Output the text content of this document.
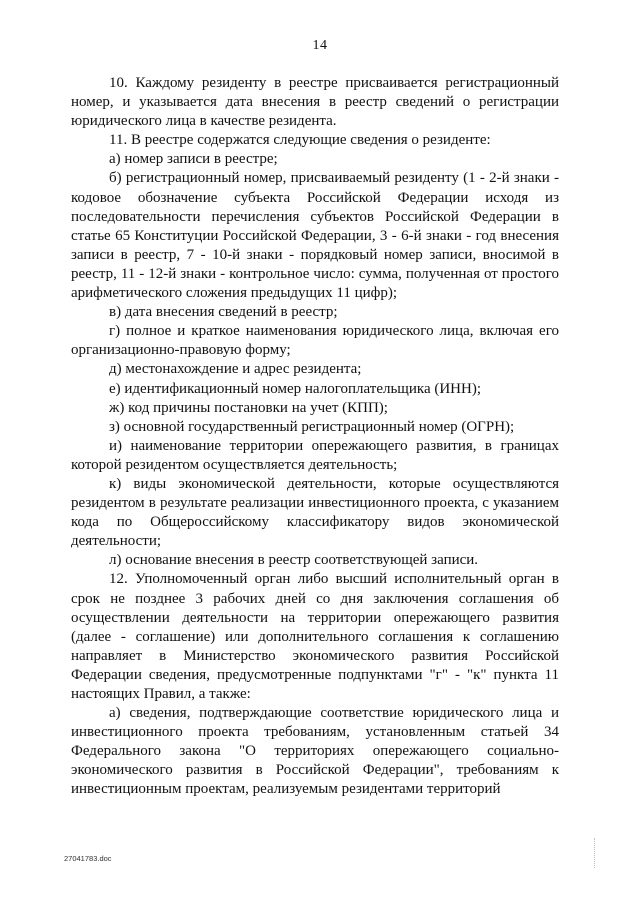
14

10. Каждому резиденту в реестре присваивается регистрационный номер, и указывается дата внесения в реестр сведений о регистрации юридического лица в качестве резидента.

11. В реестре содержатся следующие сведения о резиденте:

а) номер записи в реестре;

б) регистрационный номер, присваиваемый резиденту (1 - 2-й знаки - кодовое обозначение субъекта Российской Федерации исходя из последовательности перечисления субъектов Российской Федерации в статье 65 Конституции Российской Федерации, 3 - 6-й знаки - год внесения записи в реестр, 7 - 10-й знаки - порядковый номер записи, вносимой в реестр, 11 - 12-й знаки - контрольное число: сумма, полученная от простого арифметического сложения предыдущих 11 цифр);

в) дата внесения сведений в реестр;

г) полное и краткое наименования юридического лица, включая его организационно-правовую форму;

д) местонахождение и адрес резидента;

е) идентификационный номер налогоплательщика (ИНН);

ж) код причины постановки на учет (КПП);

з) основной государственный регистрационный номер (ОГРН);

и) наименование территории опережающего развития, в границах которой резидентом осуществляется деятельность;

к) виды экономической деятельности, которые осуществляются резидентом в результате реализации инвестиционного проекта, с указанием кода по Общероссийскому классификатору видов экономической деятельности;

л) основание внесения в реестр соответствующей записи.

12. Уполномоченный орган либо высший исполнительный орган в срок не позднее 3 рабочих дней со дня заключения соглашения об осуществлении деятельности на территории опережающего развития (далее - соглашение) или дополнительного соглашения к соглашению направляет в Министерство экономического развития Российской Федерации сведения, предусмотренные подпунктами "г" - "к" пункта 11 настоящих Правил, а также:

а) сведения, подтверждающие соответствие юридического лица и инвестиционного проекта требованиям, установленным статьей 34 Федерального закона "О территориях опережающего социально-экономического развития в Российской Федерации", требованиям к инвестиционным проектам, реализуемым резидентами территорий

27041783.doc
